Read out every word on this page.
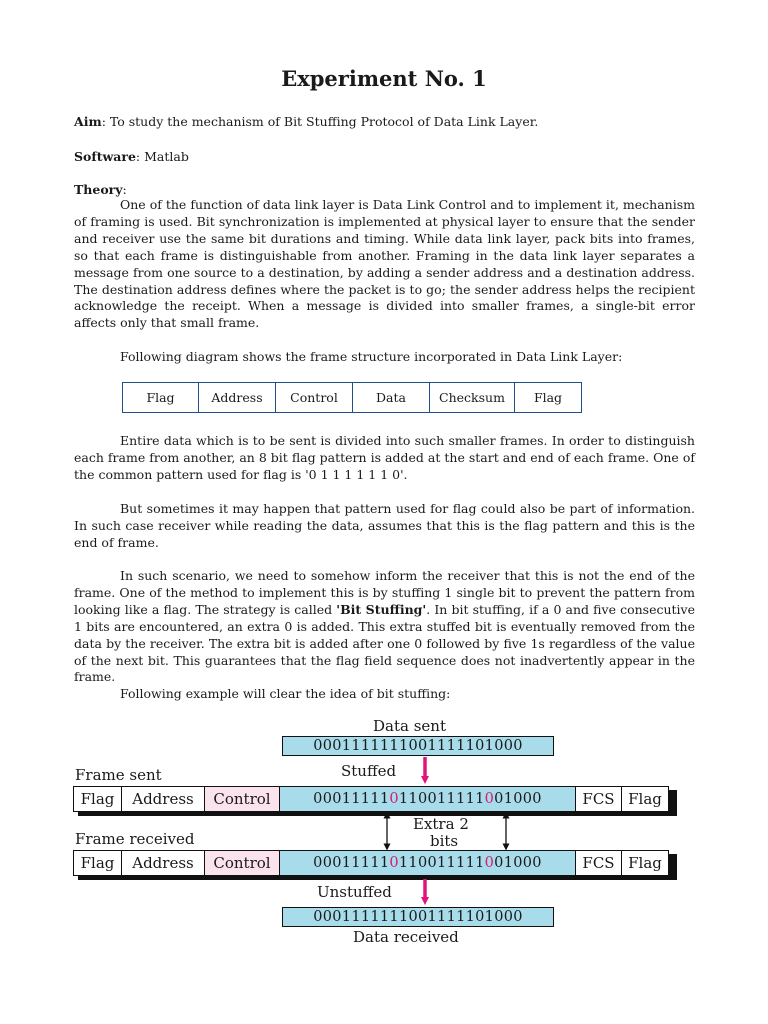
Experiment No. 1
Aim: To study the mechanism of Bit Stuffing Protocol of Data Link Layer.
Software: Matlab
Theory:
One of the function of data link layer is Data Link Control and to implement it, mechanism of framing is used. Bit synchronization is implemented at physical layer to ensure that the sender and receiver use the same bit durations and timing. While data link layer, pack bits into frames, so that each frame is distinguishable from another. Framing in the data link layer separates a message from one source to a destination, by adding a sender address and a destination address. The destination address defines where the packet is to go; the sender address helps the recipient acknowledge the receipt. When a message is divided into smaller frames, a single-bit error affects only that small frame.
Following diagram shows the frame structure incorporated in Data Link Layer:
Flag	Address	Control	Data	Checksum	Flag
Entire data which is to be sent is divided into such smaller frames. In order to distinguish each frame from another, an 8 bit flag pattern is added at the start and end of each frame. One of the common pattern used for flag is '0 1 1 1 1 1 1 0'.
But sometimes it may happen that pattern used for flag could also be part of information. In such case receiver while reading the data, assumes that this is the flag pattern and this is the end of frame.
In such scenario, we need to somehow inform the receiver that this is not the end of the frame. One of the method to implement this is by stuffing 1 single bit to prevent the pattern from looking like a flag. The strategy is called 'Bit Stuffing'. In bit stuffing, if a 0 and five consecutive 1 bits are encountered, an extra 0 is added. This extra stuffed bit is eventually removed from the data by the receiver. The extra bit is added after one 0 followed by five 1s regardless of the value of the next bit. This guarantees that the flag field sequence does not inadvertently appear in the frame.
Following example will clear the idea of bit stuffing:
Data sent
0001111111001111101000
Stuffed
Frame sent
Flag	Address	Control	000111110110011111001000	FCS Flag
Extra 2
bits
Frame received
Flag	Address	Control	000111110110011111001000	FCS Flag
Unstuffed
0001111111001111101000
Data received
